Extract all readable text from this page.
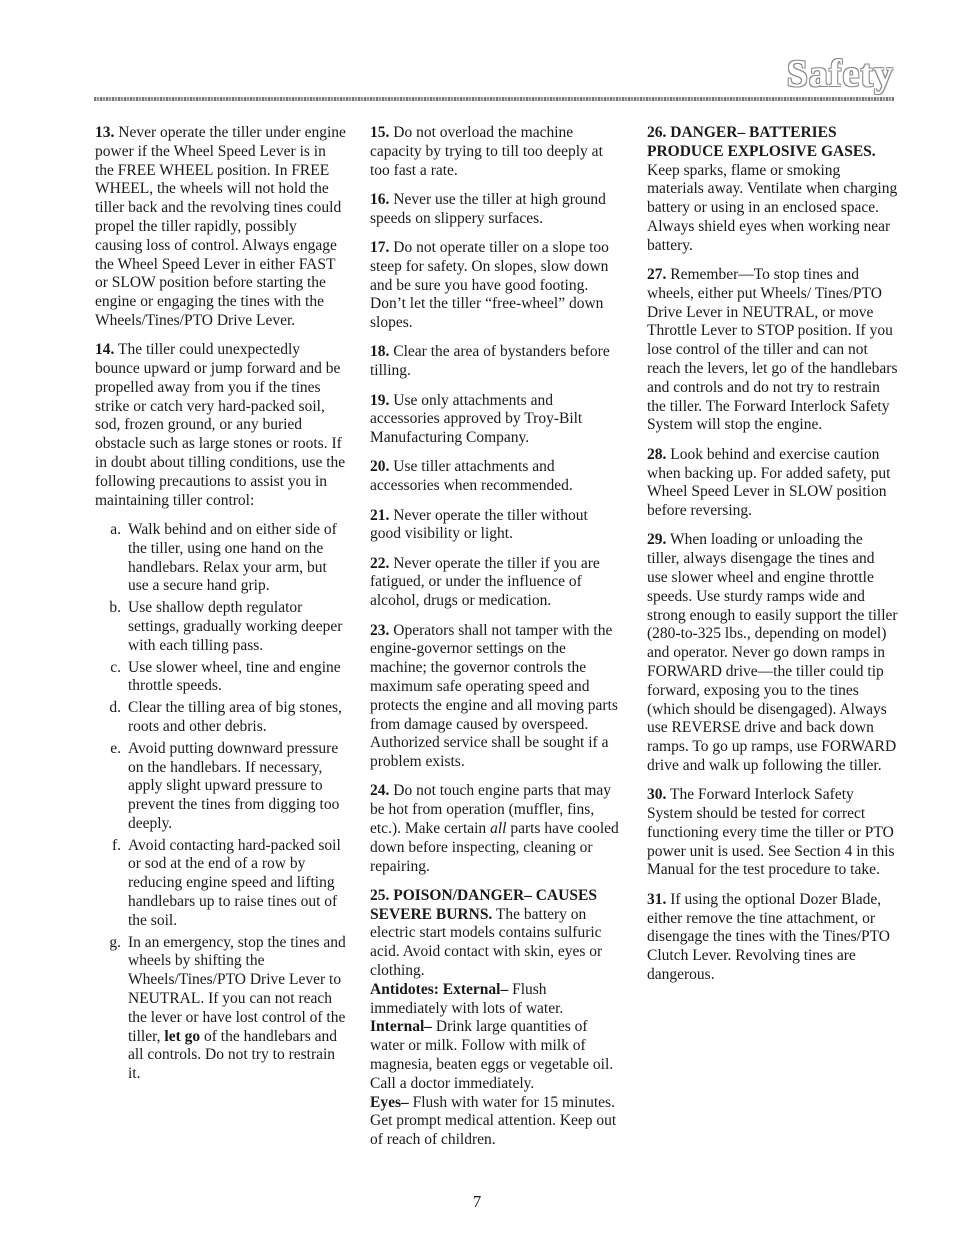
Safety

13. Never operate the tiller under engine power if the Wheel Speed Lever is in the FREE WHEEL position. In FREE WHEEL, the wheels will not hold the tiller back and the revolving tines could propel the tiller rapidly, possibly causing loss of control. Always engage the Wheel Speed Lever in either FAST or SLOW position before starting the engine or engaging the tines with the Wheels/Tines/PTO Drive Lever.

14. The tiller could unexpectedly bounce upward or jump forward and be propelled away from you if the tines strike or catch very hard-packed soil, sod, frozen ground, or any buried obstacle such as large stones or roots. If in doubt about tilling conditions, use the following precautions to assist you in maintaining tiller control:

a. Walk behind and on either side of the tiller, using one hand on the handlebars. Relax your arm, but use a secure hand grip.
b. Use shallow depth regulator settings, gradually working deeper with each tilling pass.
c. Use slower wheel, tine and engine throttle speeds.
d. Clear the tilling area of big stones, roots and other debris.
e. Avoid putting downward pressure on the handlebars. If necessary, apply slight upward pressure to prevent the tines from digging too deeply.
f. Avoid contacting hard-packed soil or sod at the end of a row by reducing engine speed and lifting handlebars up to raise tines out of the soil.
g. In an emergency, stop the tines and wheels by shifting the Wheels/Tines/PTO Drive Lever to NEUTRAL. If you can not reach the lever or have lost control of the tiller, let go of the handlebars and all controls. Do not try to restrain it.

15. Do not overload the machine capacity by trying to till too deeply at too fast a rate.

16. Never use the tiller at high ground speeds on slippery surfaces.

17. Do not operate tiller on a slope too steep for safety. On slopes, slow down and be sure you have good footing. Don’t let the tiller “free-wheel” down slopes.

18. Clear the area of bystanders before tilling.

19. Use only attachments and accessories approved by Troy-Bilt Manufacturing Company.

20. Use tiller attachments and accessories when recommended.

21. Never operate the tiller without good visibility or light.

22. Never operate the tiller if you are fatigued, or under the influence of alcohol, drugs or medication.

23. Operators shall not tamper with the engine-governor settings on the machine; the governor controls the maximum safe operating speed and protects the engine and all moving parts from damage caused by overspeed. Authorized service shall be sought if a problem exists.

24. Do not touch engine parts that may be hot from operation (muffler, fins, etc.). Make certain all parts have cooled down before inspecting, cleaning or repairing.

25. POISON/DANGER– CAUSES SEVERE BURNS. The battery on electric start models contains sulfuric acid. Avoid contact with skin, eyes or clothing.
Antidotes: External– Flush immediately with lots of water.
Internal– Drink large quantities of water or milk. Follow with milk of magnesia, beaten eggs or vegetable oil. Call a doctor immediately.
Eyes– Flush with water for 15 minutes. Get prompt medical attention. Keep out of reach of children.

26. DANGER– BATTERIES PRODUCE EXPLOSIVE GASES. Keep sparks, flame or smoking materials away. Ventilate when charging battery or using in an enclosed space. Always shield eyes when working near battery.

27. Remember—To stop tines and wheels, either put Wheels/ Tines/PTO Drive Lever in NEUTRAL, or move Throttle Lever to STOP position. If you lose control of the tiller and can not reach the levers, let go of the handlebars and controls and do not try to restrain the tiller. The Forward Interlock Safety System will stop the engine.

28. Look behind and exercise caution when backing up. For added safety, put Wheel Speed Lever in SLOW position before reversing.

29. When loading or unloading the tiller, always disengage the tines and use slower wheel and engine throttle speeds. Use sturdy ramps wide and strong enough to easily support the tiller (280-to-325 lbs., depending on model) and operator. Never go down ramps in FORWARD drive—the tiller could tip forward, exposing you to the tines (which should be disengaged). Always use REVERSE drive and back down ramps. To go up ramps, use FORWARD drive and walk up following the tiller.

30. The Forward Interlock Safety System should be tested for correct functioning every time the tiller or PTO power unit is used. See Section 4 in this Manual for the test procedure to take.

31. If using the optional Dozer Blade, either remove the tine attachment, or disengage the tines with the Tines/PTO Clutch Lever. Revolving tines are dangerous.

7
